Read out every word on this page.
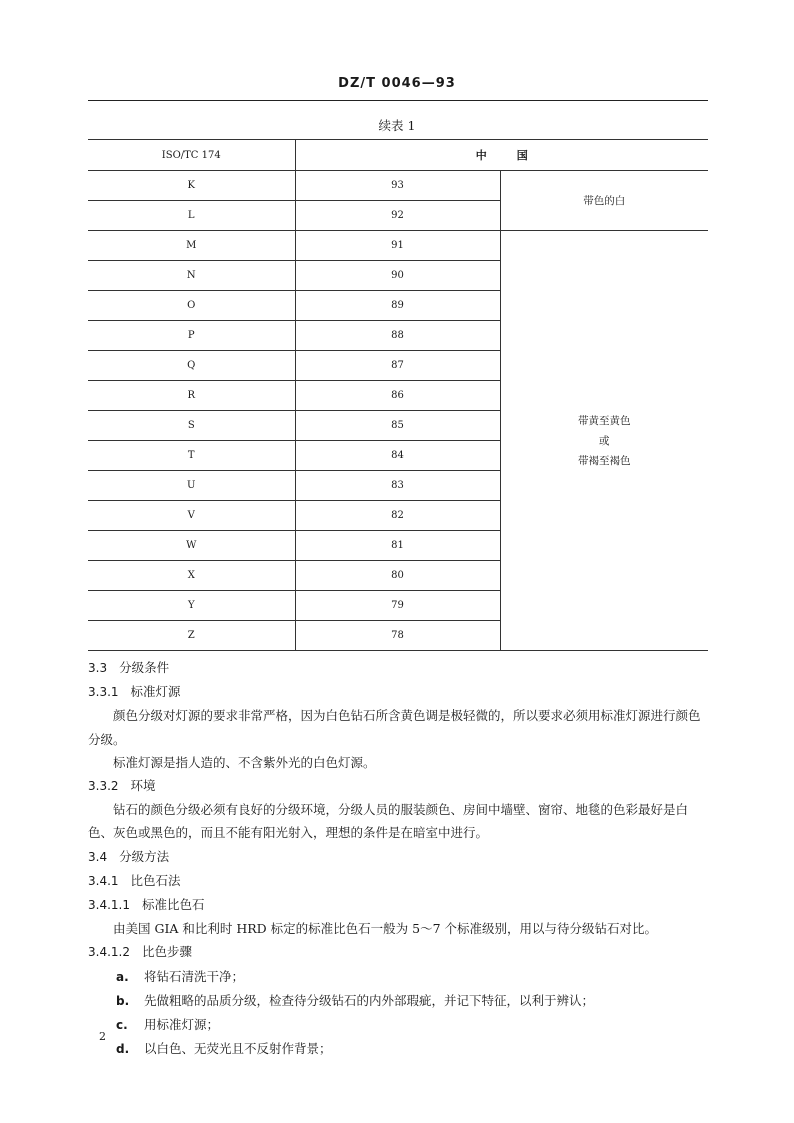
DZ/T 0046—93
续表 1
ISO/TC 174	中国	
K	93	带色的白

L	92	
M	91	带黄至黄色
或
带褐至褐色

N	90	
O	89	
P	88	
Q	87	
R	86	
S	85	
T	84	
U	83	
V	82	
W	81	
X	80	
Y	79	
Z	78	

3.3 分级条件

3.3.1 标准灯源

颜色分级对灯源的要求非常严格，因为白色钻石所含黄色调是极轻微的，所以要求必须用标准灯源进行颜色分级。

标准灯源是指人造的、不含紫外光的白色灯源。

3.3.2 环境

钻石的颜色分级必须有良好的分级环境，分级人员的服装颜色、房间中墙壁、窗帘、地毯的色彩最好是白色、灰色或黑色的，而且不能有阳光射入，理想的条件是在暗室中进行。

3.4 分级方法

3.4.1 比色石法

3.4.1.1 标准比色石

由美国 GIA 和比利时 HRD 标定的标准比色石一般为 5～7 个标准级别，用以与待分级钻石对比。

3.4.1.2 比色步骤

a. 将钻石清洗干净；

b. 先做粗略的品质分级，检查待分级钻石的内外部瑕疵，并记下特征，以利于辨认；

c. 用标准灯源；

d. 以白色、无荧光且不反射作背景；

2
